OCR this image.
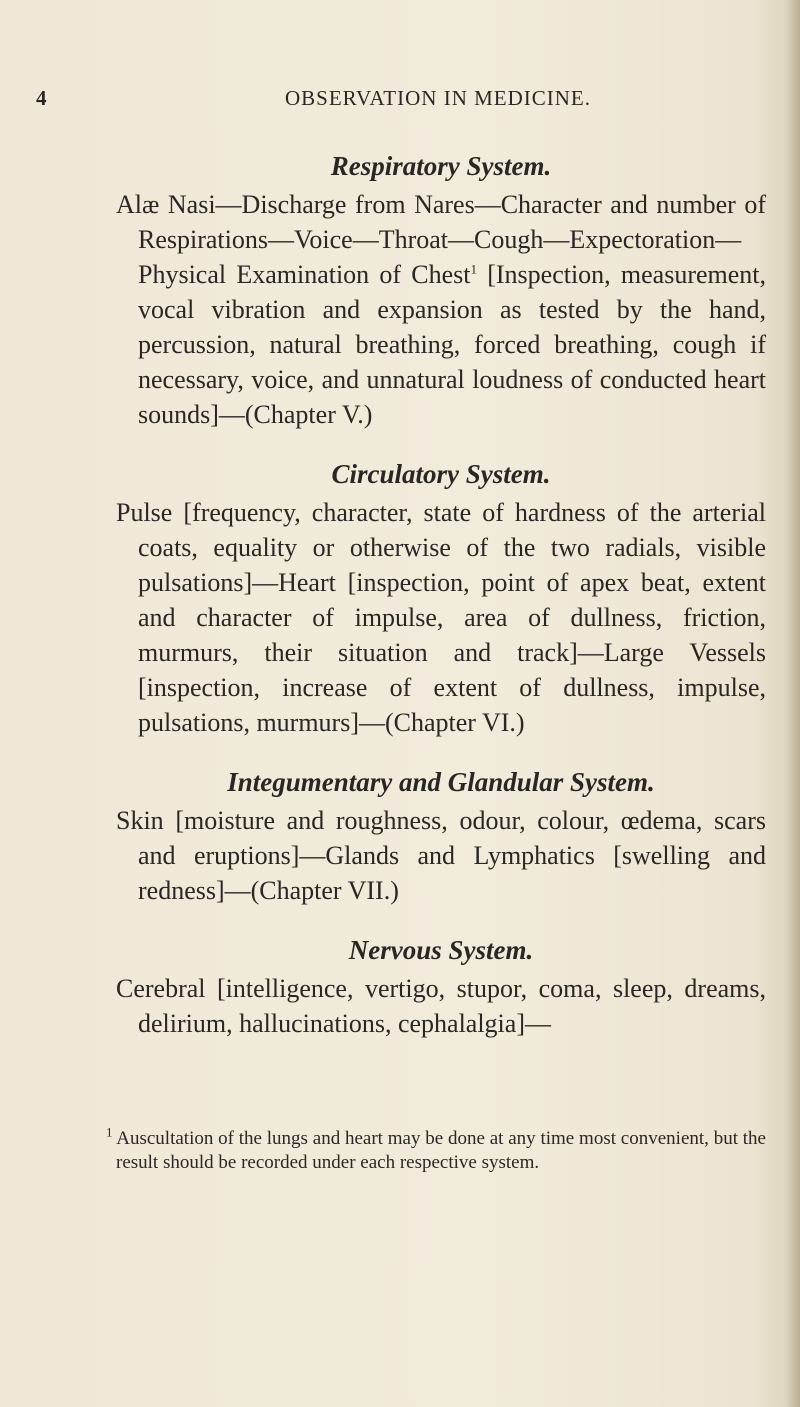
4	OBSERVATION IN MEDICINE.
Respiratory System.

Alæ Nasi—Discharge from Nares—Character and number of Respirations—Voice—Throat—Cough—Expectoration—Physical Examination of Chest$^1$ [Inspection, measurement, vocal vibration and expansion as tested by the hand, percussion, natural breathing, forced breathing, cough if necessary, voice, and unnatural loudness of conducted heart sounds]—(Chapter V.)

Circulatory System.

Pulse [frequency, character, state of hardness of the arterial coats, equality or otherwise of the two radials, visible pulsations]—Heart [inspection, point of apex beat, extent and character of impulse, area of dullness, friction, murmurs, their situation and track]—Large Vessels [inspection, increase of extent of dullness, impulse, pulsations, murmurs]—(Chapter VI.)

Integumentary and Glandular System.

Skin [moisture and roughness, odour, colour, œdema, scars and eruptions]—Glands and Lymphatics [swelling and redness]—(Chapter VII.)

Nervous System.

Cerebral [intelligence, vertigo, stupor, coma, sleep, dreams, delirium, hallucinations, cephalalgia]—

$^1$ Auscultation of the lungs and heart may be done at any time most convenient, but the result should be recorded under each respective system.
